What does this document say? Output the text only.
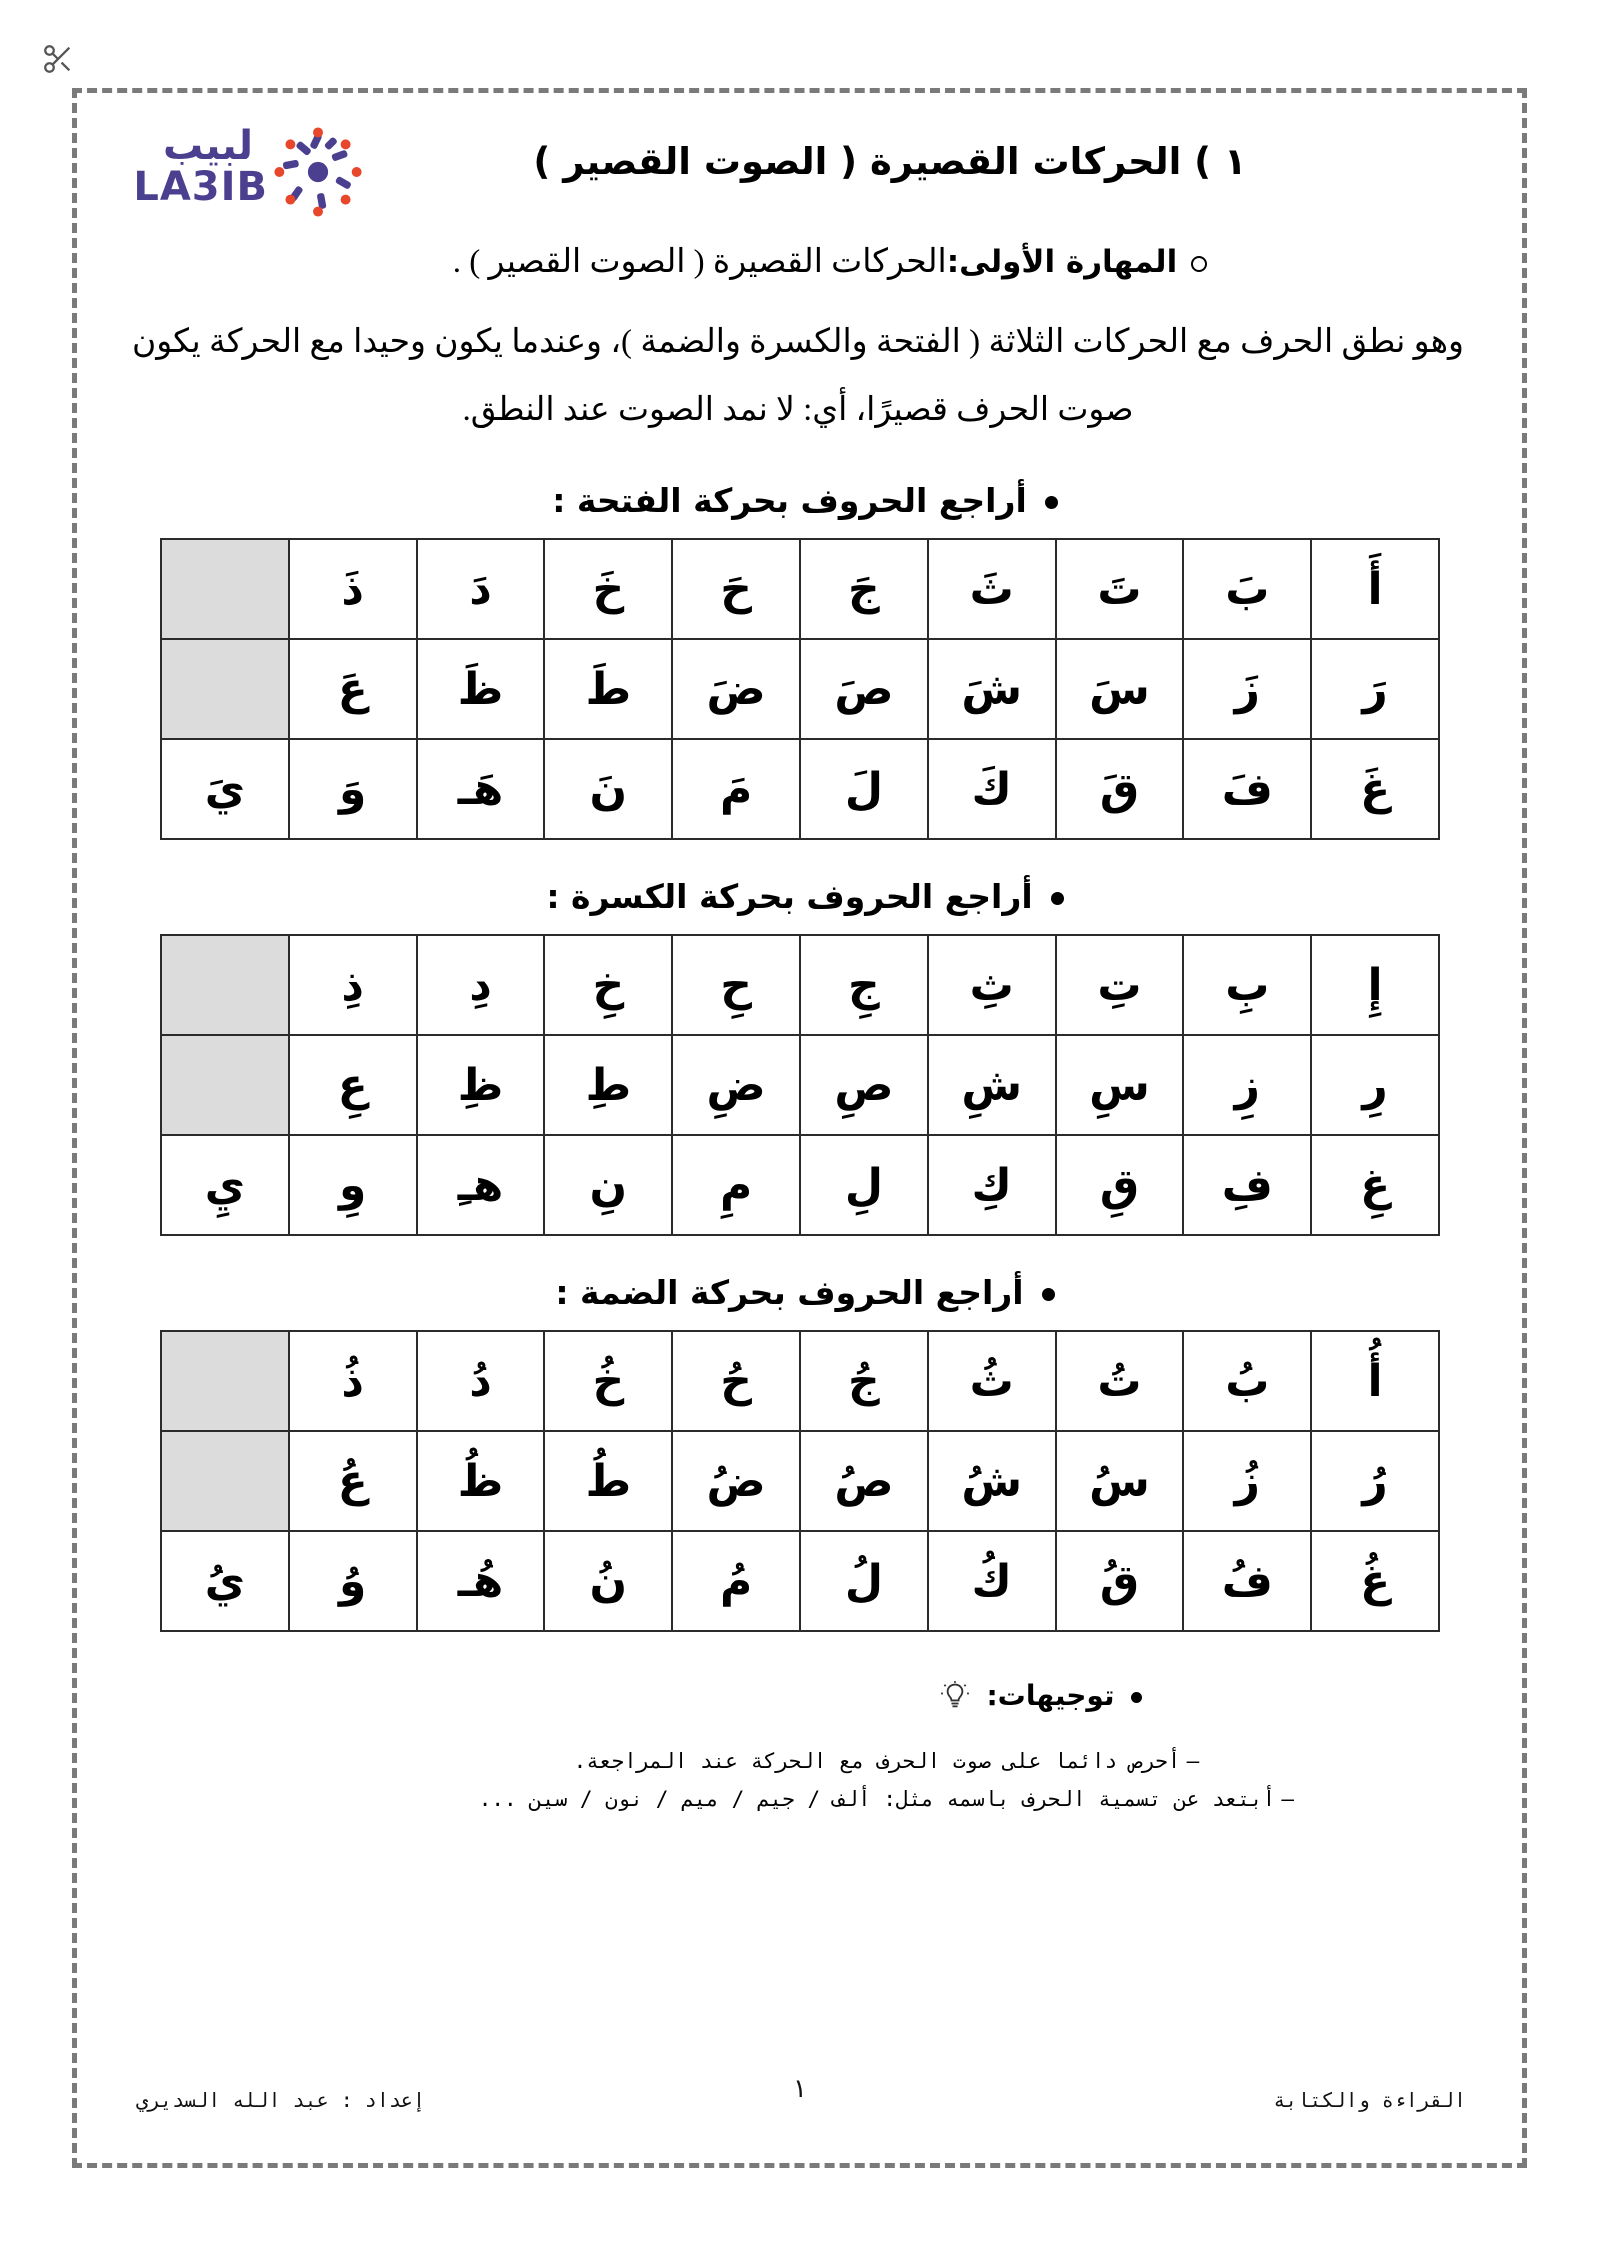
لبيب
LA3IB
١ ) الحركات القصيرة ( الصوت القصير )
المهارة الأولى:الحركات القصيرة ( الصوت القصير ) .
وهو نطق الحرف مع الحركات الثلاثة ( الفتحة والكسرة والضمة )، وعندما يكون وحيدا مع الحركة يكون صوت الحرف قصيرًا، أي: لا نمد الصوت عند النطق.
أراجع الحروف بحركة الفتحة :
أَ	بَ	تَ	ثَ	جَ	حَ	خَ	دَ	ذَ	
رَ	زَ	سَ	شَ	صَ	ضَ	طَ	ظَ	عَ	
غَ	فَ	قَ	كَ	لَ	مَ	نَ	هَـ	وَ	يَ
أراجع الحروف بحركة الكسرة :
إِ	بِ	تِ	ثِ	جِ	حِ	خِ	دِ	ذِ	
رِ	زِ	سِ	شِ	صِ	ضِ	طِ	ظِ	عِ	
غِ	فِ	قِ	كِ	لِ	مِ	نِ	هـِ	وِ	يِ
أراجع الحروف بحركة الضمة :
أُ	بُ	تُ	ثُ	جُ	حُ	خُ	دُ	ذُ	
رُ	زُ	سُ	شُ	صُ	ضُ	طُ	ظُ	عُ	
غُ	فُ	قُ	كُ	لُ	مُ	نُ	هُـ	وُ	يُ
توجيهات:
–أحرص دائما على صوت الحرف مع الحركة عند المراجعة.
–أبتعد عن تسمية الحرف باسمه مثل: ألف / جيم / ميم / نون / سين ...
القراءة والكتابة
١
إعداد : عبد الله السديري
